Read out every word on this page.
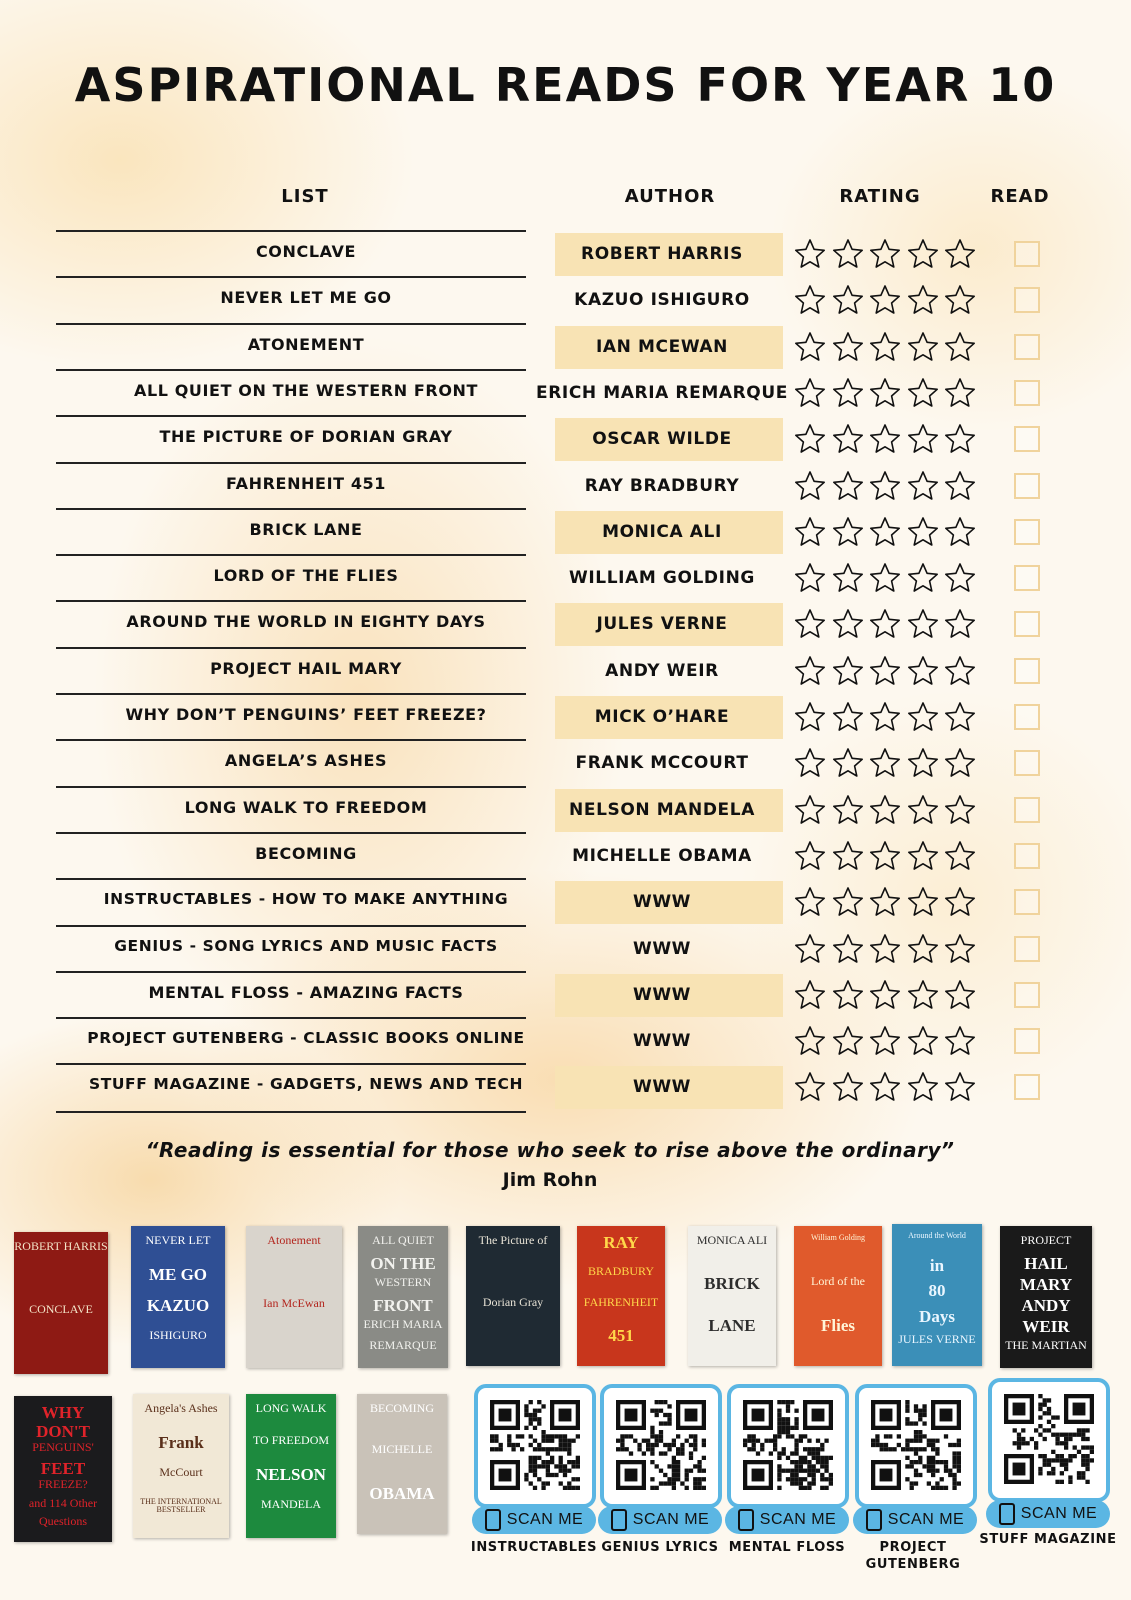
ASPIRATIONAL READS FOR YEAR 10
LIST	AUTHOR	RATING	READ
CONCLAVE	ROBERT HARRIS
NEVER LET ME GO	KAZUO ISHIGURO
ATONEMENT	IAN MCEWAN
ALL QUIET ON THE WESTERN FRONT	ERICH MARIA REMARQUE
THE PICTURE OF DORIAN GRAY	OSCAR WILDE
FAHRENHEIT 451	RAY BRADBURY
BRICK LANE	MONICA ALI
LORD OF THE FLIES	WILLIAM GOLDING
AROUND THE WORLD IN EIGHTY DAYS	JULES VERNE
PROJECT HAIL MARY	ANDY WEIR
WHY DON’T PENGUINS’ FEET FREEZE?	MICK O’HARE
ANGELA’S ASHES	FRANK MCCOURT
LONG WALK TO FREEDOM	NELSON MANDELA
BECOMING	MICHELLE OBAMA
INSTRUCTABLES - HOW TO MAKE ANYTHING	WWW
GENIUS - SONG LYRICS AND MUSIC FACTS	WWW
MENTAL FLOSS - AMAZING FACTS	WWW
PROJECT GUTENBERG - CLASSIC BOOKS ONLINE	WWW
STUFF MAGAZINE - GADGETS, NEWS AND TECH	WWW
“Reading is essential for those who seek to rise above the ordinary”
Jim Rohn
ROBERT HARRIS
CONCLAVE
NEVER LET
ME GO
KAZUO
ISHIGURO
Atonement
Ian McEwan
ALL QUIET
ON THE
WESTERN
FRONT
ERICH MARIA
REMARQUE
The Picture of
Dorian Gray
RAY
BRADBURY
FAHRENHEIT
451
MONICA ALI
BRICK
LANE
William Golding
Lord of the
Flies
Around the World
in
80
Days
JULES VERNE
PROJECT
HAIL
MARY
ANDY
WEIR
THE MARTIAN
WHY
DON'T
PENGUINS'
FEET
FREEZE?
and 114 Other
Questions
Angela's Ashes
Frank
McCourt
THE INTERNATIONAL BESTSELLER
LONG WALK
TO FREEDOM
NELSON
MANDELA
BECOMING
MICHELLE
OBAMA
SCAN ME
INSTRUCTABLES
SCAN ME
GENIUS LYRICS
SCAN ME
MENTAL FLOSS
SCAN ME
PROJECT GUTENBERG
SCAN ME
STUFF MAGAZINE
